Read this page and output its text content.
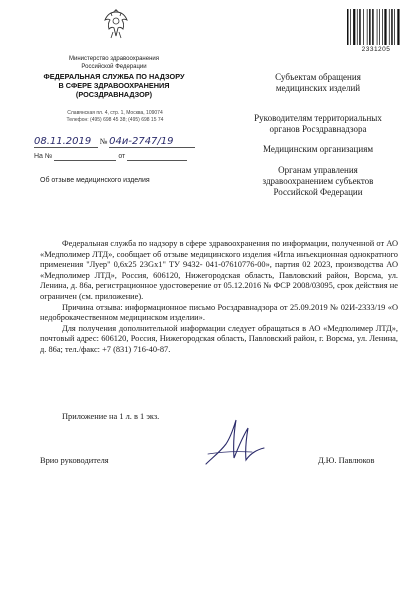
Министерство здравоохранения
Российской Федерации
ФЕДЕРАЛЬНАЯ СЛУЖБА ПО НАДЗОРУ
В СФЕРЕ ЗДРАВООХРАНЕНИЯ
(РОСЗДРАВНАДЗОР)
Славянская пл. 4, стр. 1, Москва, 109074
Телефон: (495) 698 45 38; (495) 698 15 74
08.11.2019 № 04и-2747/19
На №	от
Об отзыве медицинского изделия
2331205
Субъектам обращения
медицинских изделий
Руководителям территориальных
органов Росздравнадзора
Медицинским организациям
Органам управления
здравоохранением субъектов
Российской Федерации

Федеральная служба по надзору в сфере здравоохранения по информации, полученной от АО «Медполимер ЛТД», сообщает об отзыве медицинского изделия «Игла инъекционная однократного применения "Луер" 0,6х25 23Gх1" ТУ 9432- 041-07610776-00», партия 02 2023, производства АО «Медполимер ЛТД», Россия, 606120, Нижегородская область, Павловский район, Ворсма, ул. Ленина, д. 86а, регистрационное удостоверение от 05.12.2016 № ФСР 2008/03095, срок действия не ограничен (см. приложение).

Причина отзыва: информационное письмо Росздравнадзора от 25.09.2019 № 02И-2333/19 «О недоброкачественном медицинском изделии».

Для получения дополнительной информации следует обращаться в АО «Медполимер ЛТД», почтовый адрес: 606120, Россия, Нижегородская область, Павловский район, г. Ворсма, ул. Ленина, д. 86а; тел./факс: +7 (831) 716-40-87.

Приложение на 1 л. в 1 экз.
Врио руководителя	Д.Ю. Павлюков
